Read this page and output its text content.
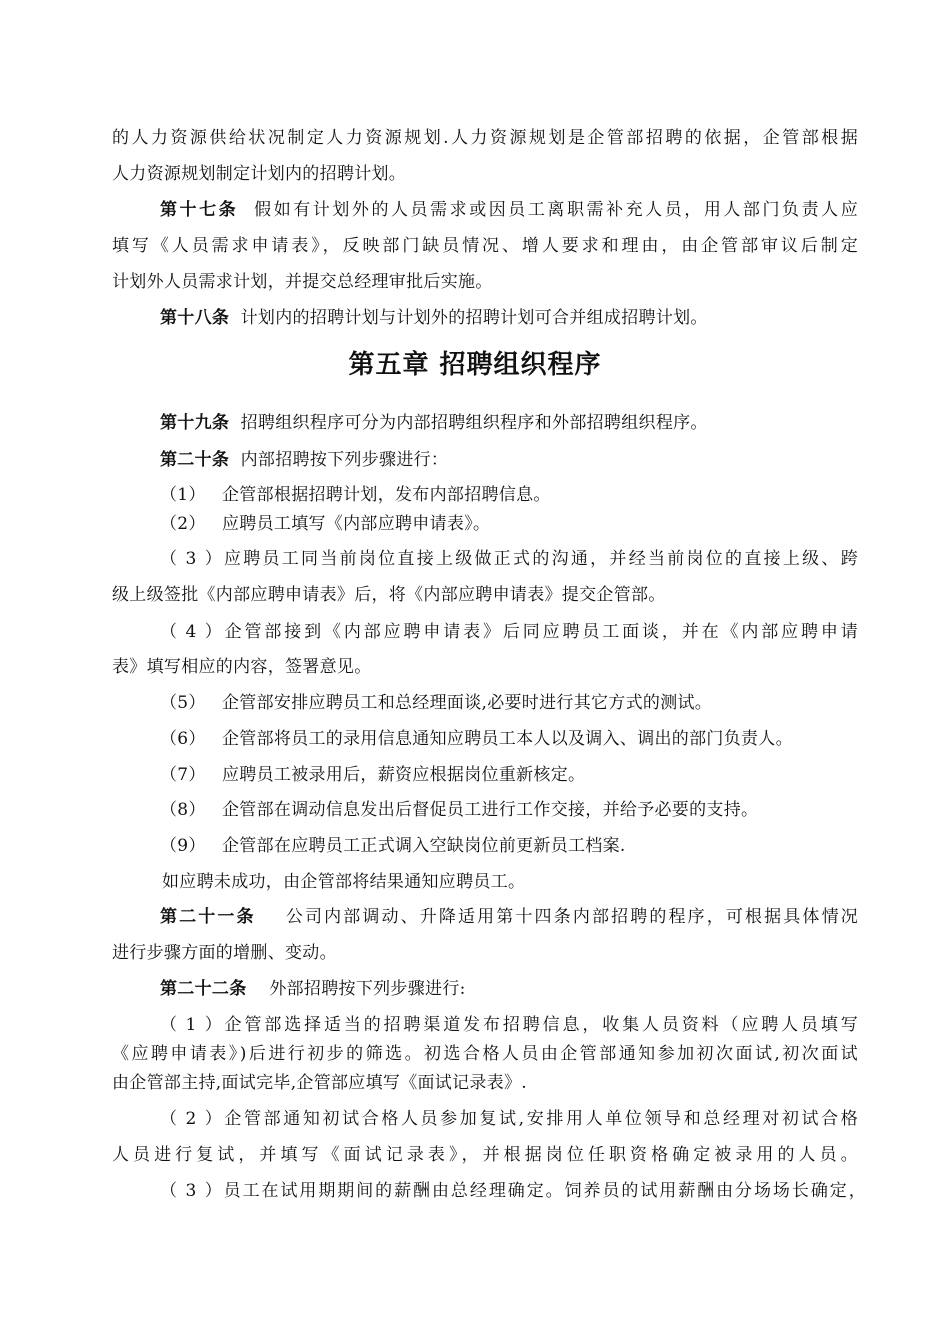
的人力资源供给状况制定人力资源规划.人力资源规划是企管部招聘的依据，企管部根据
人力资源规划制定计划内的招聘计划。
第十七条 假如有计划外的人员需求或因员工离职需补充人员，用人部门负责人应
填写《人员需求申请表》，反映部门缺员情况、增人要求和理由，由企管部审议后制定
计划外人员需求计划，并提交总经理审批后实施。
第十八条 计划内的招聘计划与计划外的招聘计划可合并组成招聘计划。
第五章 招聘组织程序
第十九条 招聘组织程序可分为内部招聘组织程序和外部招聘组织程序。
第二十条 内部招聘按下列步骤进行：
（1） 企管部根据招聘计划，发布内部招聘信息。
（2） 应聘员工填写《内部应聘申请表》。
（3）应聘员工同当前岗位直接上级做正式的沟通，并经当前岗位的直接上级、跨
级上级签批《内部应聘申请表》后，将《内部应聘申请表》提交企管部。
（4）企管部接到《内部应聘申请表》后同应聘员工面谈，并在《内部应聘申请
表》填写相应的内容，签署意见。
（5） 企管部安排应聘员工和总经理面谈,必要时进行其它方式的测试。
（6） 企管部将员工的录用信息通知应聘员工本人以及调入、调出的部门负责人。
（7） 应聘员工被录用后，薪资应根据岗位重新核定。
（8） 企管部在调动信息发出后督促员工进行工作交接，并给予必要的支持。
（9） 企管部在应聘员工正式调入空缺岗位前更新员工档案.
如应聘未成功，由企管部将结果通知应聘员工。
第二十一条 公司内部调动、升降适用第十四条内部招聘的程序，可根据具体情况
进行步骤方面的增删、变动。
第二十二条 外部招聘按下列步骤进行:
（1）企管部选择适当的招聘渠道发布招聘信息，收集人员资料（应聘人员填写
《应聘申请表》)后进行初步的筛选。初选合格人员由企管部通知参加初次面试,初次面试
由企管部主持,面试完毕,企管部应填写《面试记录表》.
（2）企管部通知初试合格人员参加复试,安排用人单位领导和总经理对初试合格
人员进行复试，并填写《面试记录表》，并根据岗位任职资格确定被录用的人员。
（3）员工在试用期期间的薪酬由总经理确定。饲养员的试用薪酬由分场场长确定，
